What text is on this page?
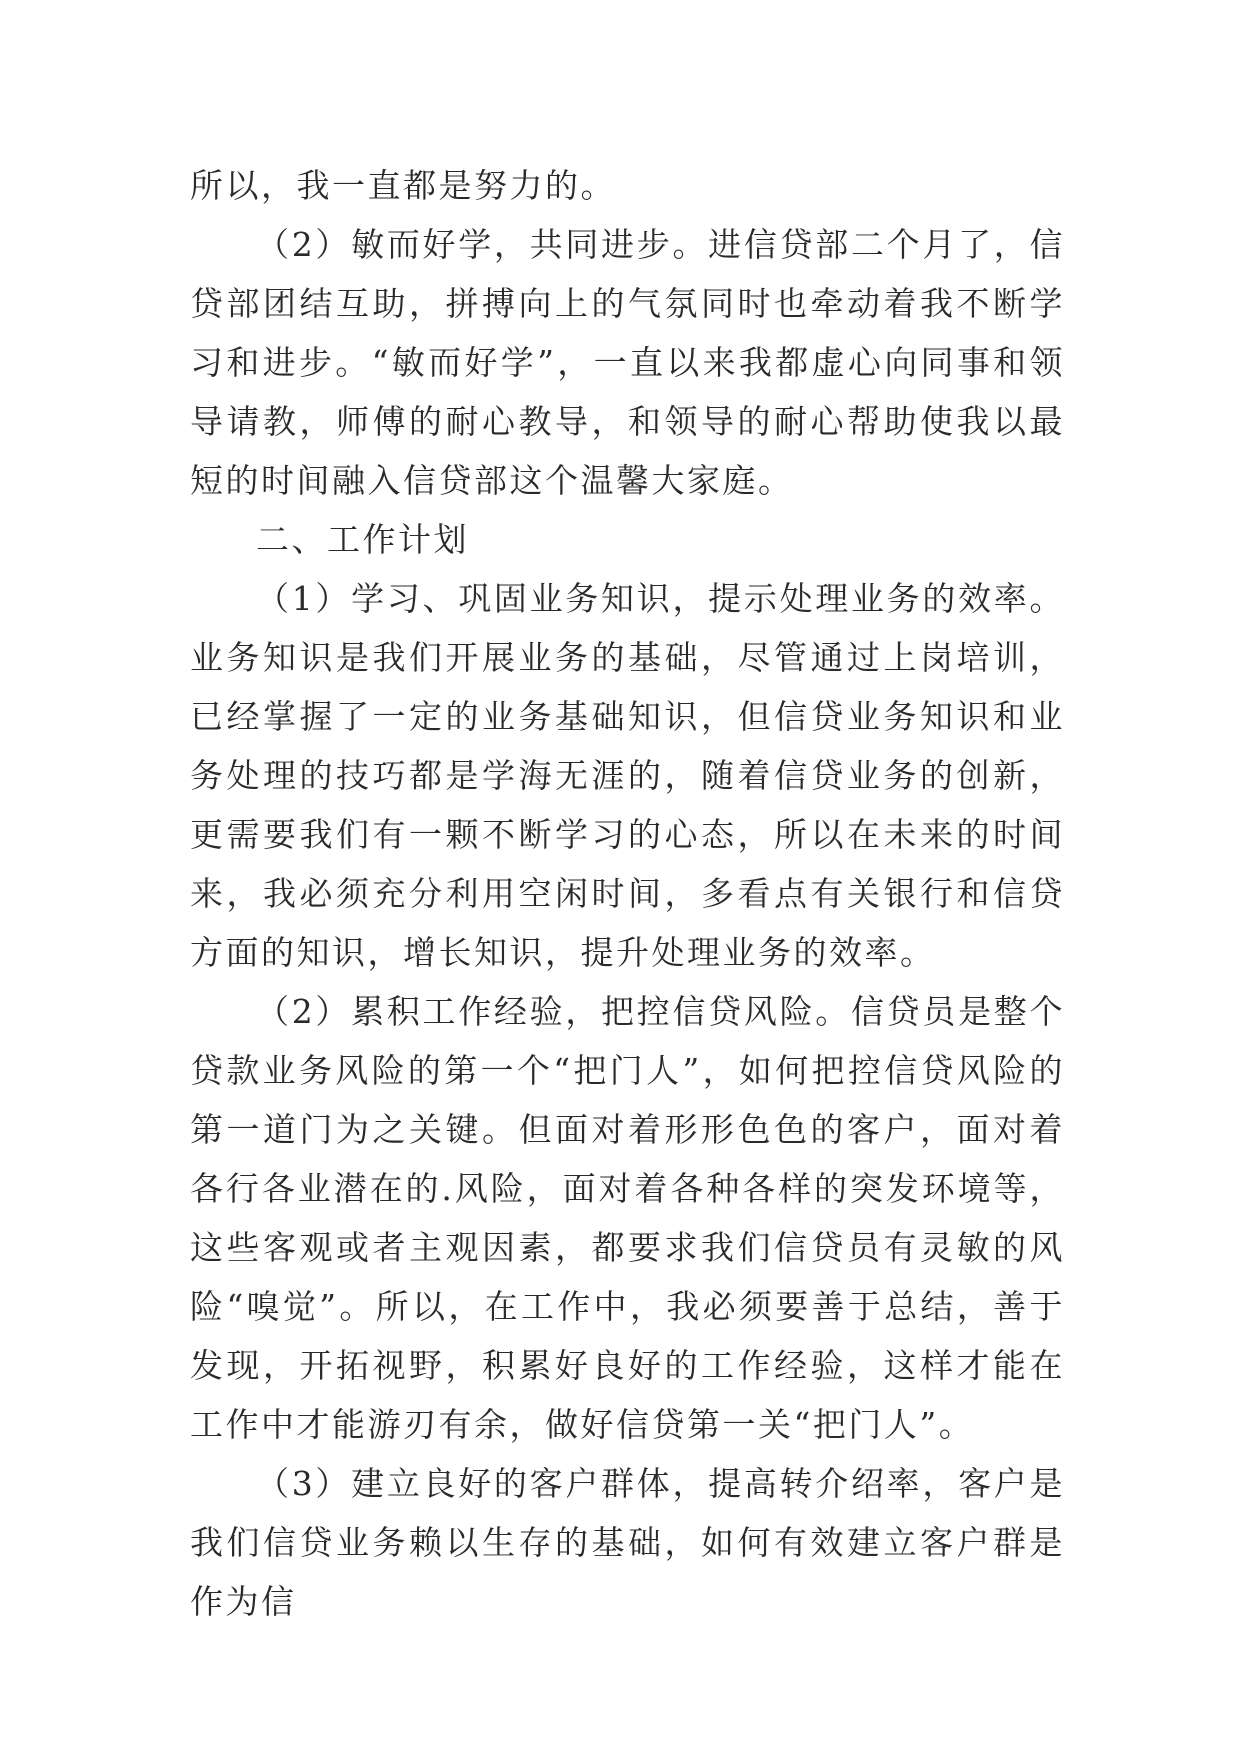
所以，我一直都是努力的。

（2）敏而好学，共同进步。进信贷部二个月了，信贷部团结互助，拼搏向上的气氛同时也牵动着我不断学习和进步。“敏而好学”，一直以来我都虚心向同事和领导请教，师傅的耐心教导，和领导的耐心帮助使我以最短的时间融入信贷部这个温馨大家庭。

二、工作计划

（1）学习、巩固业务知识，提示处理业务的效率。业务知识是我们开展业务的基础，尽管通过上岗培训，已经掌握了一定的业务基础知识，但信贷业务知识和业务处理的技巧都是学海无涯的，随着信贷业务的创新，更需要我们有一颗不断学习的心态，所以在未来的时间来，我必须充分利用空闲时间，多看点有关银行和信贷方面的知识，增长知识，提升处理业务的效率。

（2）累积工作经验，把控信贷风险。信贷员是整个贷款业务风险的第一个“把门人”，如何把控信贷风险的第一道门为之关键。但面对着形形色色的客户，面对着各行各业潜在的.风险，面对着各种各样的突发环境等，这些客观或者主观因素，都要求我们信贷员有灵敏的风险“嗅觉”。所以，在工作中，我必须要善于总结，善于发现，开拓视野，积累好良好的工作经验，这样才能在工作中才能游刃有余，做好信贷第一关“把门人”。

（3）建立良好的客户群体，提高转介绍率，客户是我们信贷业务赖以生存的基础，如何有效建立客户群是作为信
